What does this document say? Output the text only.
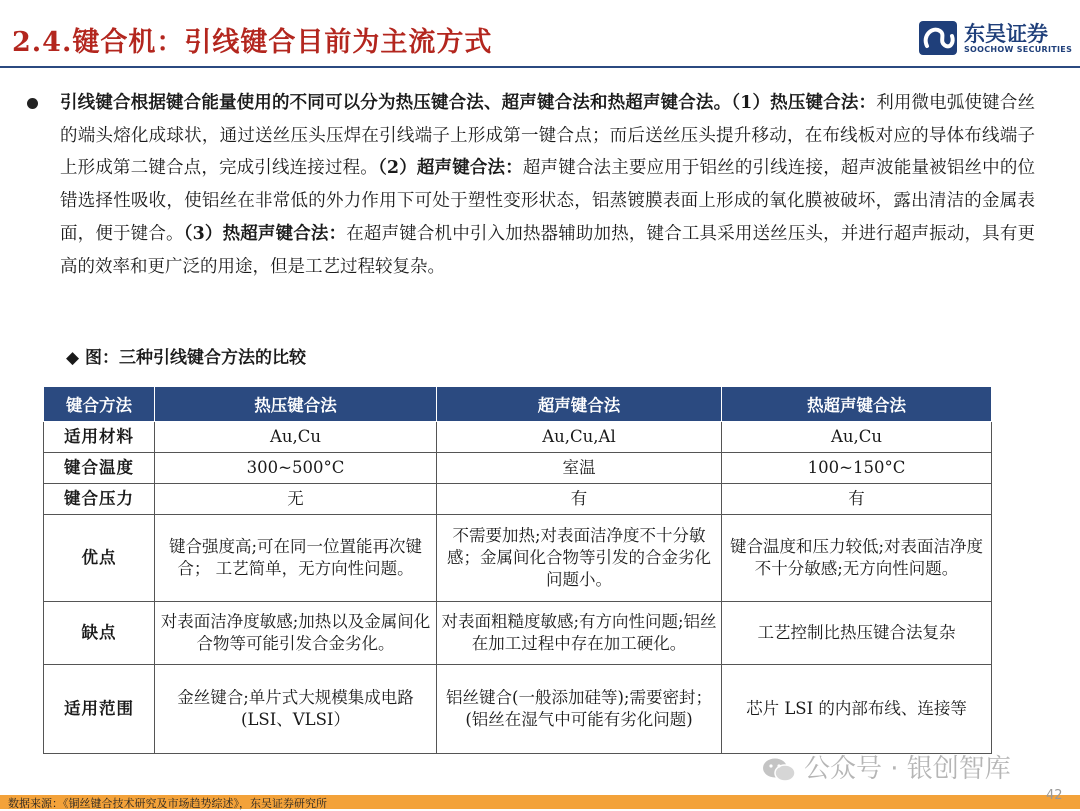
2.4.键合机：引线键合目前为主流方式	东吴证券
SOOCHOW SECURITIES
引线键合根据键合能量使用的不同可以分为热压键合法、超声键合法和热超声键合法。（1）热压键合法：利用微电弧使键合丝的端头熔化成球状，通过送丝压头压焊在引线端子上形成第一键合点；而后送丝压头提升移动，在布线板对应的导体布线端子上形成第二键合点，完成引线连接过程。（2）超声键合法：超声键合法主要应用于铝丝的引线连接，超声波能量被铝丝中的位错选择性吸收，使铝丝在非常低的外力作用下可处于塑性变形状态，铝蒸镀膜表面上形成的氧化膜被破坏，露出清洁的金属表面，便于键合。（3）热超声键合法：在超声键合机中引入加热器辅助加热，键合工具采用送丝压头，并进行超声振动，具有更高的效率和更广泛的用途，但是工艺过程较复杂。
◆ 图：三种引线键合方法的比较
键合方法	热压键合法	超声键合法	热超声键合法
适用材料	Au,Cu	Au,Cu,Al	Au,Cu
键合温度	300~500°C	室温	100~150°C
键合压力	无	有	有
优点	键合强度高;可在同一位置能再次键合； 工艺简单，无方向性问题。	不需要加热;对表面洁净度不十分敏感；金属间化合物等引发的合金劣化问题小。	键合温度和压力较低;对表面洁净度不十分敏感;无方向性问题。
缺点	对表面洁净度敏感;加热以及金属间化合物等可能引发合金劣化。	对表面粗糙度敏感;有方向性问题;铝丝在加工过程中存在加工硬化。	工艺控制比热压键合法复杂
适用范围	金丝键合;单片式大规模集成电路(LSI、VLSI）	铝丝键合(一般添加硅等);需要密封；(铝丝在湿气中可能有劣化问题)	芯片 LSI 的内部布线、连接等
公众号 · 银创智库
数据来源：《铜丝键合技术研究及市场趋势综述》，东吴证券研究所
42
